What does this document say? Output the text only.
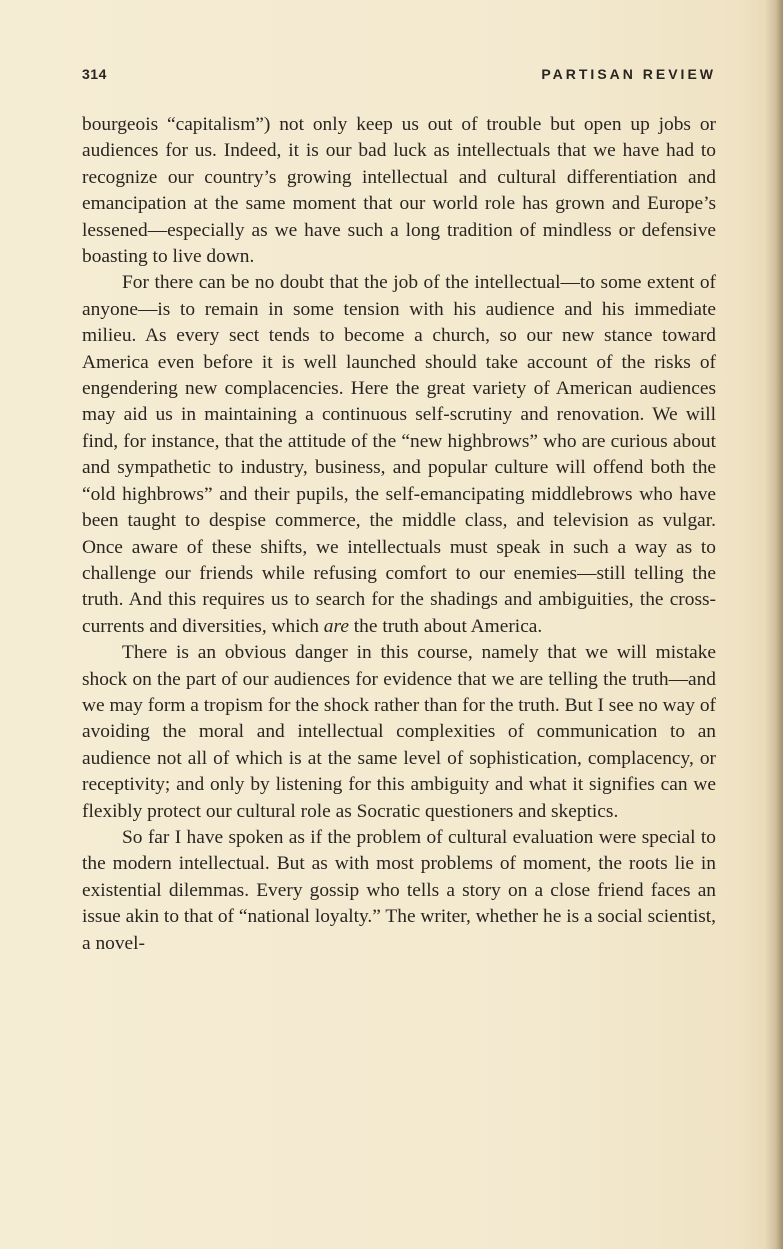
314	PARTISAN REVIEW

bourgeois “capitalism”) not only keep us out of trouble but open up jobs or audiences for us. Indeed, it is our bad luck as intellectuals that we have had to recognize our country’s growing intellectual and cultural differentiation and emancipation at the same moment that our world role has grown and Europe’s lessened—especially as we have such a long tradition of mindless or defensive boasting to live down.

For there can be no doubt that the job of the intellectual—to some extent of anyone—is to remain in some tension with his audience and his immediate milieu. As every sect tends to become a church, so our new stance toward America even before it is well launched should take account of the risks of engendering new complacencies. Here the great variety of American audiences may aid us in maintaining a continuous self-scrutiny and renovation. We will find, for instance, that the attitude of the “new highbrows” who are curious about and sympathetic to industry, business, and popular culture will offend both the “old highbrows” and their pupils, the self-emancipating middlebrows who have been taught to despise commerce, the middle class, and television as vulgar. Once aware of these shifts, we intellectuals must speak in such a way as to challenge our friends while refusing comfort to our enemies—still telling the truth. And this requires us to search for the shadings and ambiguities, the cross-currents and diversities, which are the truth about America.

There is an obvious danger in this course, namely that we will mistake shock on the part of our audiences for evidence that we are telling the truth—and we may form a tropism for the shock rather than for the truth. But I see no way of avoiding the moral and intellectual complexities of communication to an audience not all of which is at the same level of sophistication, complacency, or receptivity; and only by listening for this ambiguity and what it signifies can we flexibly protect our cultural role as Socratic questioners and skeptics.

So far I have spoken as if the problem of cultural evaluation were special to the modern intellectual. But as with most problems of moment, the roots lie in existential dilemmas. Every gossip who tells a story on a close friend faces an issue akin to that of “national loyalty.” The writer, whether he is a social scientist, a novel-
